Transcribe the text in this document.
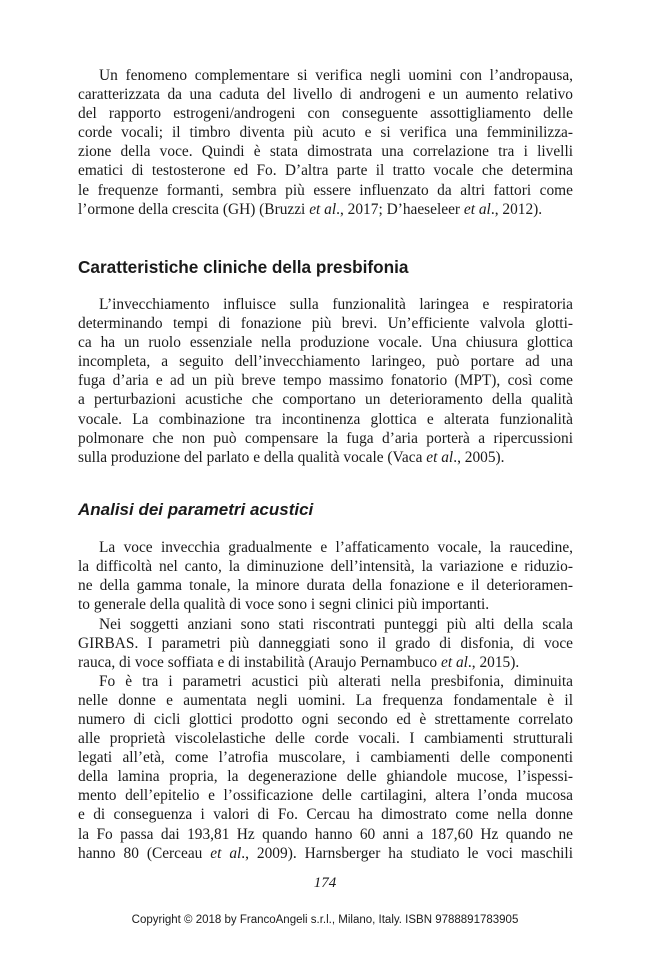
Un fenomeno complementare si verifica negli uomini con l’andropausa,
caratterizzata da una caduta del livello di androgeni e un aumento relativo
del rapporto estrogeni/androgeni con conseguente assottigliamento delle
corde vocali; il timbro diventa più acuto e si verifica una femminilizza-
zione della voce. Quindi è stata dimostrata una correlazione tra i livelli
ematici di testosterone ed Fo. D’altra parte il tratto vocale che determina
le frequenze formanti, sembra più essere influenzato da altri fattori come
l’ormone della crescita (GH) (Bruzzi et al., 2017; D’haeseleer et al., 2012).
Caratteristiche cliniche della presbifonia
L’invecchiamento influisce sulla funzionalità laringea e respiratoria
determinando tempi di fonazione più brevi. Un’efficiente valvola glotti-
ca ha un ruolo essenziale nella produzione vocale. Una chiusura glottica
incompleta, a seguito dell’invecchiamento laringeo, può portare ad una
fuga d’aria e ad un più breve tempo massimo fonatorio (MPT), così come
a perturbazioni acustiche che comportano un deterioramento della qualità
vocale. La combinazione tra incontinenza glottica e alterata funzionalità
polmonare che non può compensare la fuga d’aria porterà a ripercussioni
sulla produzione del parlato e della qualità vocale (Vaca et al., 2005).
Analisi dei parametri acustici
La voce invecchia gradualmente e l’affaticamento vocale, la raucedine,
la difficoltà nel canto, la diminuzione dell’intensità, la variazione e riduzio-
ne della gamma tonale, la minore durata della fonazione e il deterioramen-
to generale della qualità di voce sono i segni clinici più importanti.
Nei soggetti anziani sono stati riscontrati punteggi più alti della scala
GIRBAS. I parametri più danneggiati sono il grado di disfonia, di voce
rauca, di voce soffiata e di instabilità (Araujo Pernambuco et al., 2015).
Fo è tra i parametri acustici più alterati nella presbifonia, diminuita
nelle donne e aumentata negli uomini. La frequenza fondamentale è il
numero di cicli glottici prodotto ogni secondo ed è strettamente correlato
alle proprietà viscolelastiche delle corde vocali. I cambiamenti strutturali
legati all’età, come l’atrofia muscolare, i cambiamenti delle componenti
della lamina propria, la degenerazione delle ghiandole mucose, l’ispessi-
mento dell’epitelio e l’ossificazione delle cartilagini, altera l’onda mucosa
e di conseguenza i valori di Fo. Cercau ha dimostrato come nella donne
la Fo passa dai 193,81 Hz quando hanno 60 anni a 187,60 Hz quando ne
hanno 80 (Cerceau et al., 2009). Harnsberger ha studiato le voci maschili
174
Copyright © 2018 by FrancoAngeli s.r.l., Milano, Italy. ISBN 9788891783905
